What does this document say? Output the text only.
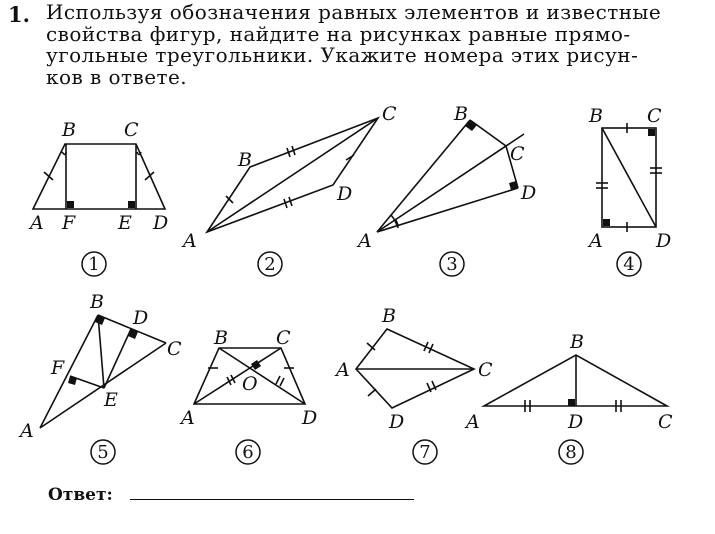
1. Используя обозначения равных элементов и известные
свойства фигур, найдите на рисунках равные прямо-
угольные треугольники. Укажите номера этих рисун-
ков в ответе.

B	C
A F E D
1
C
B
D
A
2
B
C
D
A
3
B C
A	D
4
B
D
C
F
E
A
5
B	C
O
A	D
6
B
A	C
D
7
B
A	D	C
8
Ответ:
